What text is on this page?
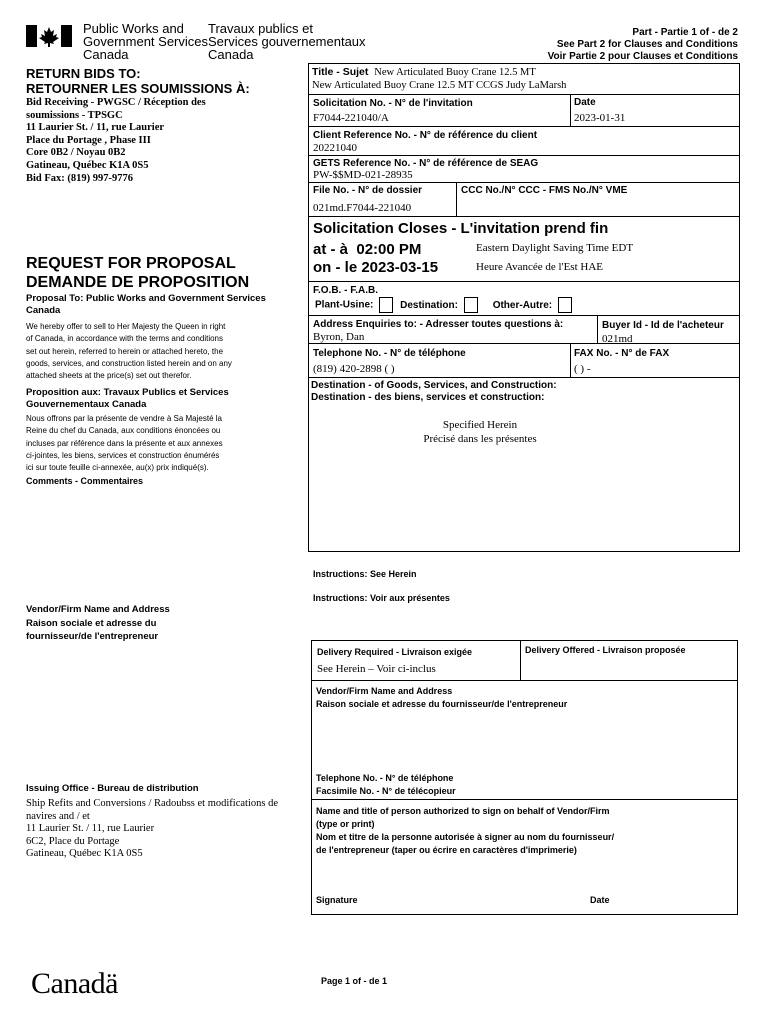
Public Works and
Government Services
Canada
Travaux publics et
Services gouvernementaux
Canada
Part - Partie 1 of - de 2
See Part 2 for Clauses and Conditions
Voir Partie 2 pour Clauses et Conditions
RETURN BIDS TO:
RETOURNER LES SOUMISSIONS À:
Bid Receiving - PWGSC / Réception des
soumissions - TPSGC
11 Laurier St. / 11, rue Laurier
Place du Portage , Phase III
Core 0B2 / Noyau 0B2
Gatineau, Québec K1A 0S5
Bid Fax: (819) 997-9776
REQUEST FOR PROPOSAL
DEMANDE DE PROPOSITION
Proposal To: Public Works and Government Services Canada
We hereby offer to sell to Her Majesty the Queen in right
of Canada, in accordance with the terms and conditions
set out herein, referred to herein or attached hereto, the
goods, services, and construction listed herein and on any
attached sheets at the price(s) set out therefor.
Proposition aux: Travaux Publics et Services Gouvernementaux Canada
Nous offrons par la présente de vendre à Sa Majesté la
Reine du chef du Canada, aux conditions énoncées ou
incluses par référence dans la présente et aux annexes
ci-jointes, les biens, services et construction énumérés
ici sur toute feuille ci-annexée, au(x) prix indiqué(s).
Comments - Commentaires
Vendor/Firm Name and Address
Raison sociale et adresse du
fournisseur/de l'entrepreneur
Issuing Office - Bureau de distribution
Ship Refits and Conversions / Radoubss et modifications de
navires and / et
11 Laurier St. / 11, rue Laurier
6C2, Place du Portage
Gatineau, Québec K1A 0S5
Title - Sujet New Articulated Buoy Crane 12.5 MT
New Articulated Buoy Crane 12.5 MT CCGS Judy LaMarsh
Solicitation No. - N° de l'invitation
F7044-221040/A
Date
2023-01-31
Client Reference No. - N° de référence du client
20221040
GETS Reference No. - N° de référence de SEAG
PW-$$MD-021-28935
File No. - N° de dossier
021md.F7044-221040
CCC No./N° CCC - FMS No./N° VME
Solicitation Closes - L'invitation prend fin
at - à 02:00 PM
on - le 2023-03-15
Eastern Daylight Saving Time EDT
Heure Avancée de l'Est HAE
F.O.B. - F.A.B.
Plant-Usine:	Destination:	Other-Autre:
Address Enquiries to: - Adresser toutes questions à:
Byron, Dan
Buyer Id - Id de l'acheteur
021md
Telephone No. - N° de téléphone
(819) 420-2898 ( )
FAX No. - N° de FAX
( ) -
Destination - of Goods, Services, and Construction:
Destination - des biens, services et construction:
Specified Herein
Précisé dans les présentes
Instructions: See Herein
Instructions: Voir aux présentes
Delivery Required - Livraison exigée
See Herein – Voir ci-inclus
Delivery Offered - Livraison proposée
Vendor/Firm Name and Address
Raison sociale et adresse du fournisseur/de l'entrepreneur
Telephone No. - N° de téléphone
Facsimile No. - N° de télécopieur
Name and title of person authorized to sign on behalf of Vendor/Firm
(type or print)
Nom et titre de la personne autorisée à signer au nom du fournisseur/
de l'entrepreneur (taper ou écrire en caractères d'imprimerie)
Signature	Date
Canadä	Page 1 of - de 1
